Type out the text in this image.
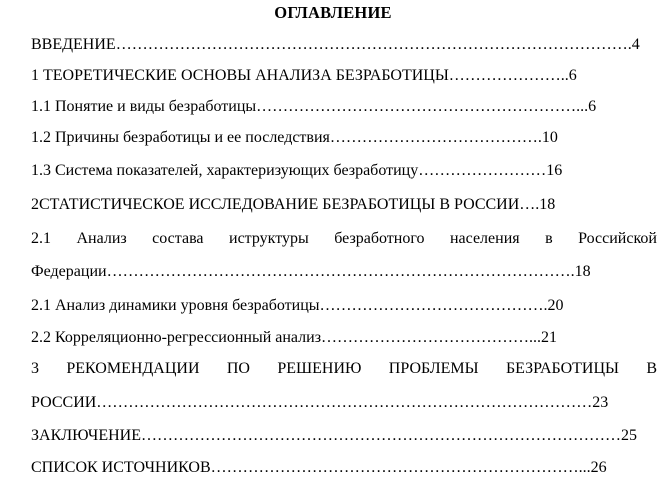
ОГЛАВЛЕНИЕ
ВВЕДЕНИЕ…………………………………………………………………………………….4
1 ТЕОРЕТИЧЕСКИЕ ОСНОВЫ АНАЛИЗА БЕЗРАБОТИЦЫ…………………..6
1.1 Понятие и виды безработицы……………………………………………………...6
1.2 Причины безработицы и ее последствия………………………………….10
1.3 Система показателей, характеризующих безработицу……………………16
2СТАТИСТИЧЕСКОЕ ИССЛЕДОВАНИЕ БЕЗРАБОТИЦЫ В РОССИИ….18
2.1 Анализ состава иструктуры безработного населения в Российской
Федерации…………………………………………………………………………….18
2.1 Анализ динамики уровня безработицы…………………………………….20
2.2 Корреляционно-регрессионный анализ…………………………………...21
3 РЕКОМЕНДАЦИИ ПО РЕШЕНИЮ ПРОБЛЕМЫ БЕЗРАБОТИЦЫ В
РОССИИ…………………………………………………………………………………23
ЗАКЛЮЧЕНИЕ………………………………………………………………………………25
СПИСОК ИСТОЧНИКОВ……………………………………………………………...26
